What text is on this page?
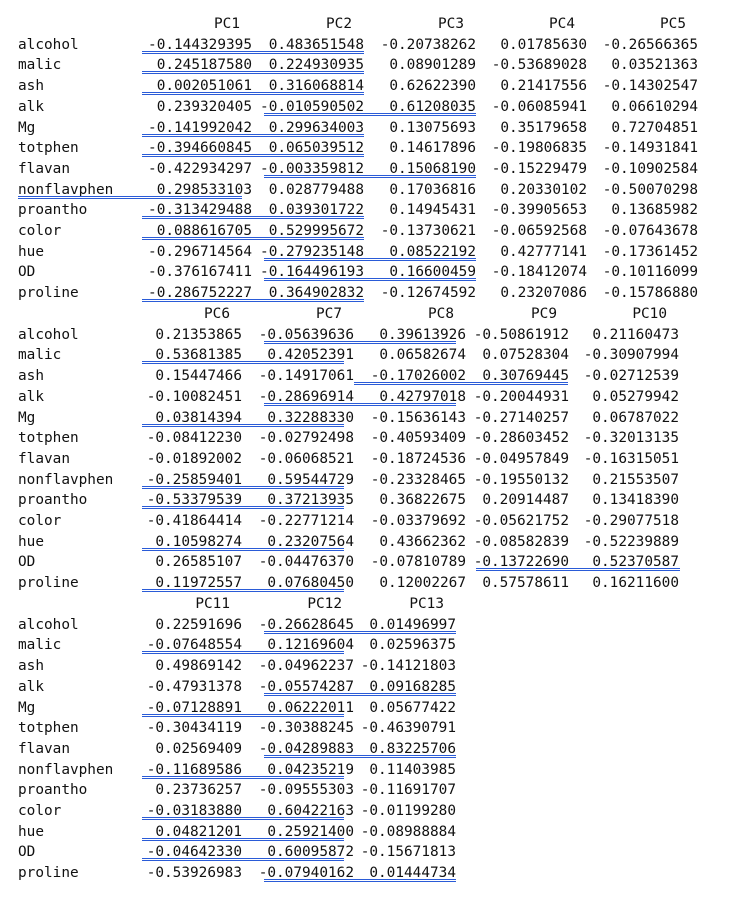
PC1	PC2	PC3	PC4	PC5
alcohol	-0.144329395 0.483651548 -0.20738262 0.01785630 -0.26566365
malic	0.245187580 0.224930935 0.08901289 -0.53689028 0.03521363
ash	0.002051061 0.316068814 0.62622390 0.21417556 -0.14302547
alk	0.239320405 -0.010590502 0.61208035 -0.06085941 0.06610294
Mg	-0.141992042 0.299634003 0.13075693 0.35179658 0.72704851
totphen	-0.394660845 0.065039512 0.14617896 -0.19806835 -0.14931841
flavan	-0.422934297 -0.003359812 0.15068190 -0.15229479 -0.10902584
nonflavphen	0.298533103 0.028779488 0.17036816 0.20330102 -0.50070298
proantho	-0.313429488 0.039301722 0.14945431 -0.39905653 0.13685982
color	0.088616705 0.529995672 -0.13730621 -0.06592568 -0.07643678
hue	-0.296714564 -0.279235148 0.08522192 0.42777141 -0.17361452
OD	-0.376167411 -0.164496193 0.16600459 -0.18412074 -0.10116099
proline	-0.286752227 0.364902832 -0.12674592 0.23207086 -0.15786880
PC6	PC7	PC8	PC9	PC10
alcohol	0.21353865 -0.05639636 0.39613926 -0.50861912 0.21160473
malic	0.53681385 0.42052391 0.06582674 0.07528304 -0.30907994
ash	0.15447466 -0.14917061 -0.17026002 0.30769445 -0.02712539
alk	-0.10082451 -0.28696914 0.42797018 -0.20044931 0.05279942
Mg	0.03814394 0.32288330 -0.15636143 -0.27140257 0.06787022
totphen	-0.08412230 -0.02792498 -0.40593409 -0.28603452 -0.32013135
flavan	-0.01892002 -0.06068521 -0.18724536 -0.04957849 -0.16315051
nonflavphen -0.25859401 0.59544729 -0.23328465 -0.19550132 0.21553507
proantho	-0.53379539 0.37213935 0.36822675 0.20914487 0.13418390
color	-0.41864414 -0.22771214 -0.03379692 -0.05621752 -0.29077518
hue	0.10598274 0.23207564 0.43662362 -0.08582839 -0.52239889
OD	0.26585107 -0.04476370 -0.07810789 -0.13722690 0.52370587
proline	0.11972557 0.07680450 0.12002267 0.57578611 0.16211600
PC11	PC12	PC13
alcohol	0.22591696 -0.26628645 0.01496997
malic	-0.07648554 0.12169604 0.02596375
ash	0.49869142 -0.04962237 -0.14121803
alk	-0.47931378 -0.05574287 0.09168285
Mg	-0.07128891 0.06222011 0.05677422
totphen	-0.30434119 -0.30388245 -0.46390791
flavan	0.02569409 -0.04289883 0.83225706
nonflavphen -0.11689586 0.04235219 0.11403985
proantho	0.23736257 -0.09555303 -0.11691707
color	-0.03183880 0.60422163 -0.01199280
hue	0.04821201 0.25921400 -0.08988884
OD	-0.04642330 0.60095872 -0.15671813
proline	-0.53926983 -0.07940162 0.01444734
